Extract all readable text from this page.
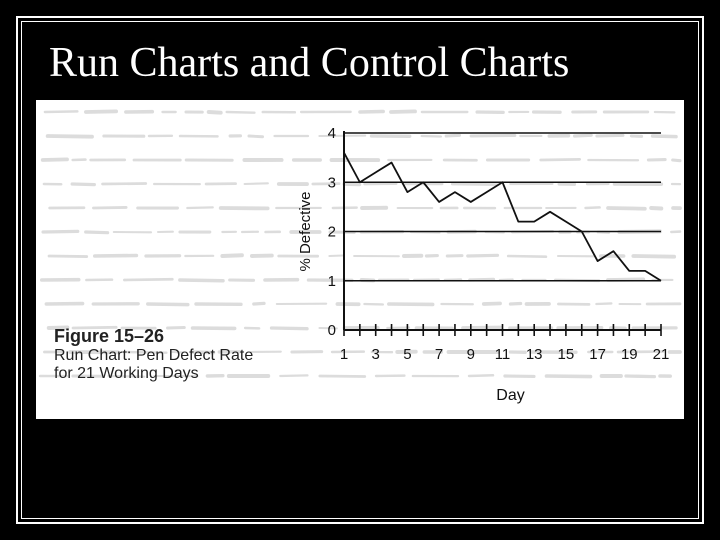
Run Charts and Control Charts
0
1
2
3
4
1 3 5 7 9 11 13 15 17 19 21
% Defective
Day
Figure 15–26
Run Chart: Pen Defect Rate
for 21 Working Days
